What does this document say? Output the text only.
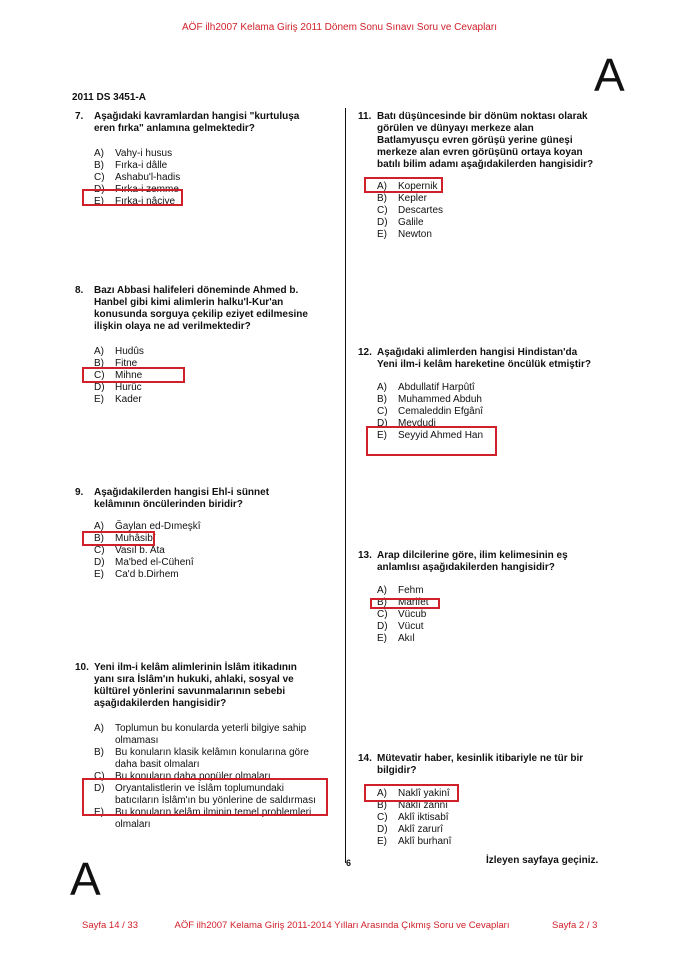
AÖF ilh2007 Kelama Giriş 2011 Dönem Sonu Sınavı Soru ve Cevapları
A
2011 DS 3451-A
7. Aşağıdaki kavramlardan hangisi "kurtuluşa
eren fırka" anlamına gelmektedir?
A)	Vahy-i husus
B)	Fırka-i dâlle
C)	Ashabu'l-hadis
D)	Fırka-i zemme
E)	Fırka-i nâciye
8. Bazı Abbasi halifeleri döneminde Ahmed b.
Hanbel gibi kimi alimlerin halku'l-Kur'an
konusunda sorguya çekilip eziyet edilmesine
ilişkin olaya ne ad verilmektedir?
A)	Hudûs
B)	Fitne
C)	Mihne
D)	Hurûc
E)	Kader
9. Aşağıdakilerden hangisi Ehl-i sünnet
kelâmının öncülerinden biridir?
A)	Ğaylan ed-Dımeşkî
B)	Muhâsibî
C)	Vasıl b. Ata
D)	Ma'bed el-Cühenî
E)	Ca'd b.Dirhem
10. Yeni ilm-i kelâm alimlerinin İslâm itikadının
yanı sıra İslâm'ın hukuki, ahlaki, sosyal ve
kültürel yönlerini savunmalarının sebebi
aşağıdakilerden hangisidir?
A)	Toplumun bu konularda yeterli bilgiye sahip olmaması
B)	Bu konuların klasik kelâmın konularına göre daha basit olmaları
C)	Bu konuların daha popüler olmaları
D)	Oryantalistlerin ve İslâm toplumundaki batıcıların İslâm'ın bu yönlerine de saldırması
E)	Bu konuların kelâm ilminin temel problemleri olmaları
11. Batı düşüncesinde bir dönüm noktası olarak
görülen ve dünyayı merkeze alan
Batlamyusçu evren görüşü yerine güneşi
merkeze alan evren görüşünü ortaya koyan
batılı bilim adamı aşağıdakilerden hangisidir?
A)	Kopernik
B)	Kepler
C)	Descartes
D)	Galile
E)	Newton
12. Aşağıdaki alimlerden hangisi Hindistan'da
Yeni ilm-i kelâm hareketine öncülük etmiştir?
A)	Abdullatif Harpûtî
B)	Muhammed Abduh
C)	Cemaleddin Efgânî
D)	Mevdudi
E)	Seyyid Ahmed Han
13. Arap dilcilerine göre, ilim kelimesinin eş
anlamlısı aşağıdakilerden hangisidir?
A)	Fehm
B)	Marifet
C)	Vücub
D)	Vücut
E)	Akıl
14. Mütevatir haber, kesinlik itibariyle ne tür bir
bilgidir?
A)	Naklî yakinî
B)	Naklî zannî
C)	Aklî iktisabî
D)	Aklî zarurî
E)	Aklî burhanî
6	İzleyen sayfaya geçiniz.
A
Sayfa 14 / 33	AÖF ilh2007 Kelama Giriş 2011-2014 Yılları Arasında Çıkmış Soru ve Cevapları	Sayfa 2 / 3
